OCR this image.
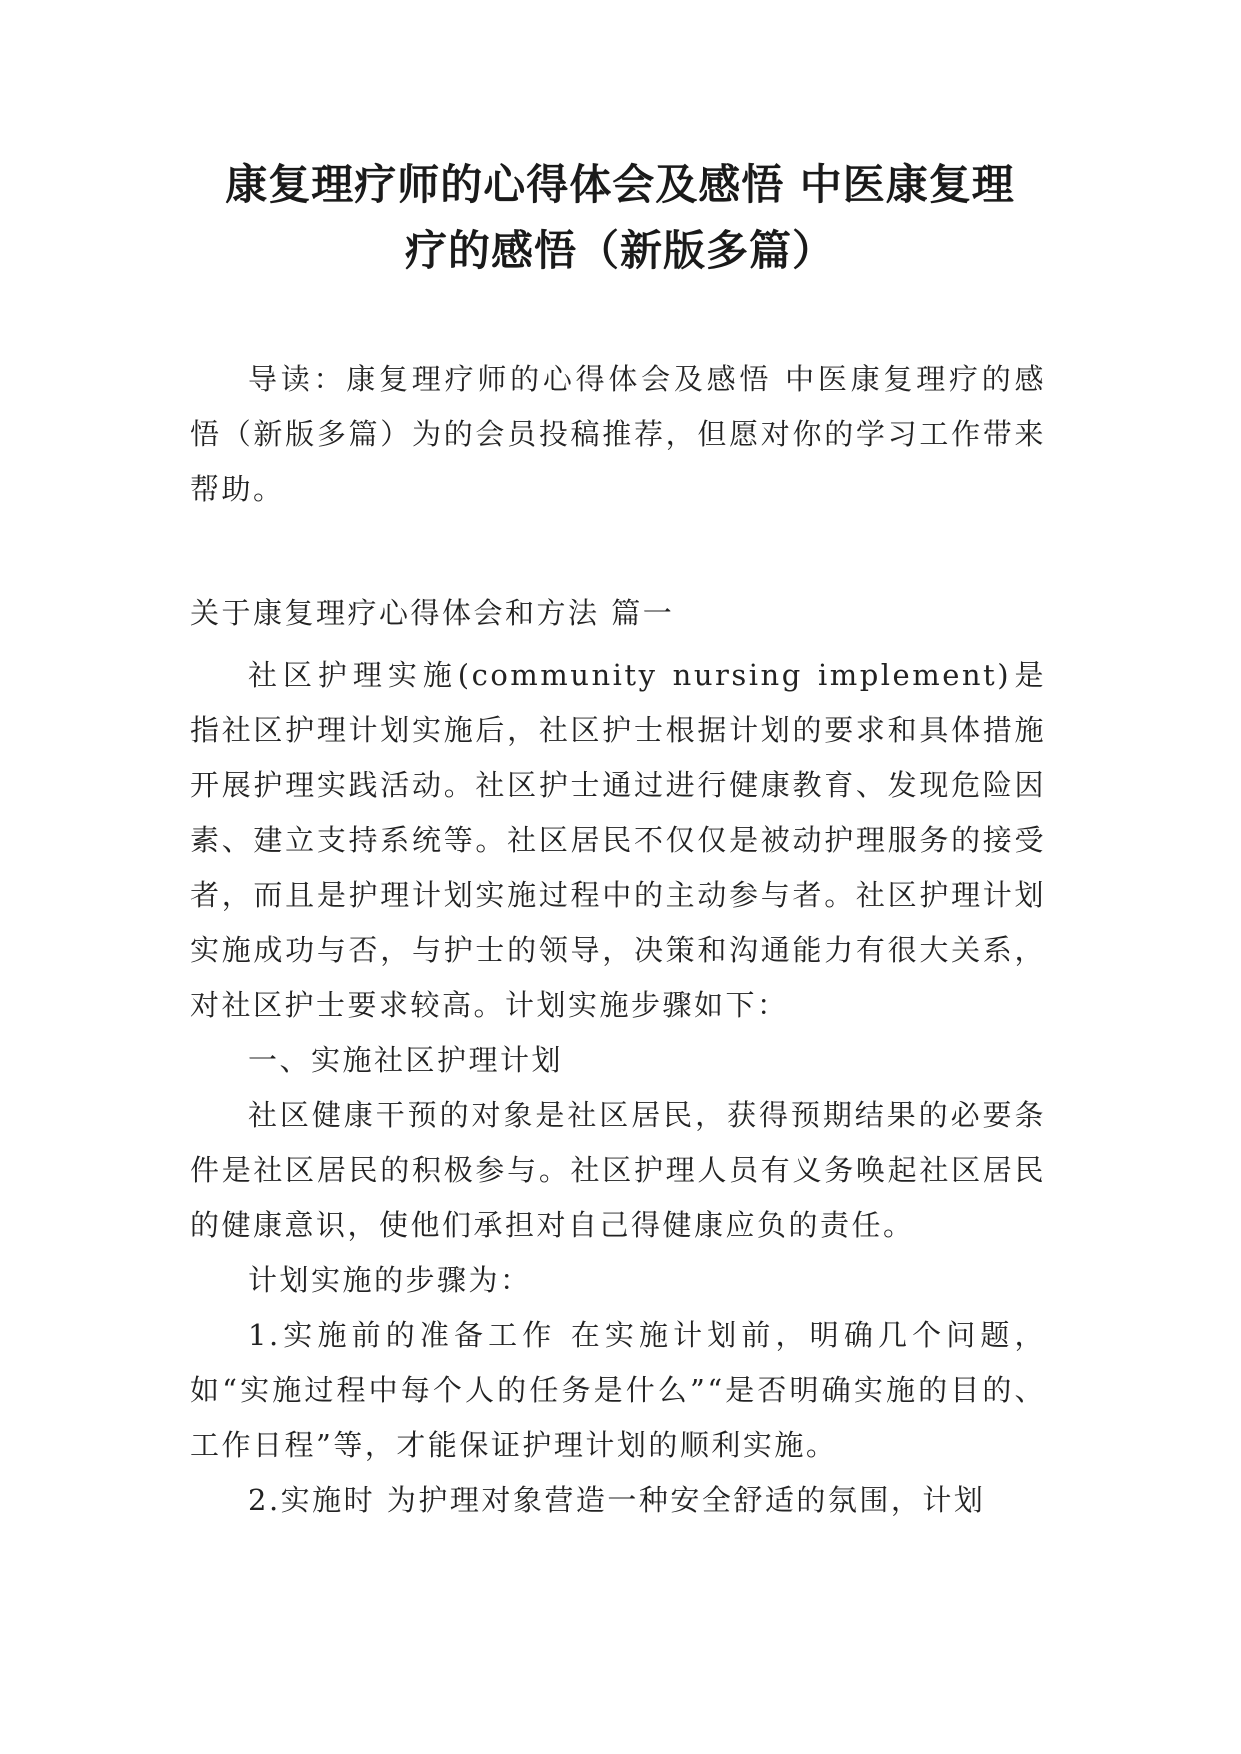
康复理疗师的心得体会及感悟 中医康复理
疗的感悟（新版多篇）

导读：康复理疗师的心得体会及感悟 中医康复理疗的感悟（新版多篇）为的会员投稿推荐，但愿对你的学习工作带来帮助。

关于康复理疗心得体会和方法 篇一

社区护理实施(community nursing implement)是指社区护理计划实施后，社区护士根据计划的要求和具体措施开展护理实践活动。社区护士通过进行健康教育、发现危险因素、建立支持系统等。社区居民不仅仅是被动护理服务的接受者，而且是护理计划实施过程中的主动参与者。社区护理计划实施成功与否，与护士的领导，决策和沟通能力有很大关系，对社区护士要求较高。计划实施步骤如下：

一、实施社区护理计划

社区健康干预的对象是社区居民，获得预期结果的必要条件是社区居民的积极参与。社区护理人员有义务唤起社区居民的健康意识，使他们承担对自己得健康应负的责任。

计划实施的步骤为：

1.实施前的准备工作 在实施计划前，明确几个问题，如“实施过程中每个人的任务是什么”“是否明确实施的目的、工作日程”等，才能保证护理计划的顺利实施。

2.实施时 为护理对象营造一种安全舒适的氛围，计划
